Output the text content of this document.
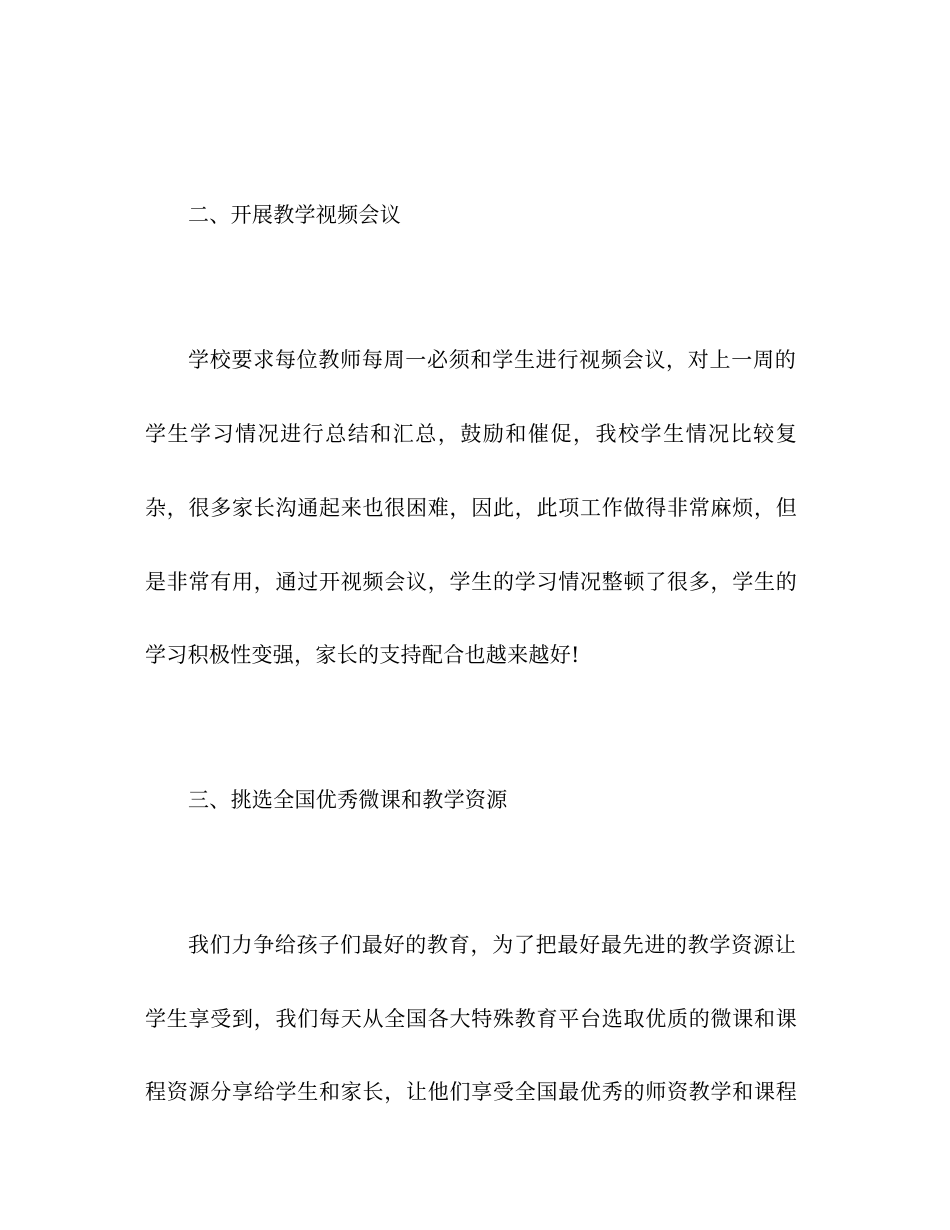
二、开展教学视频会议
学校要求每位教师每周一必须和学生进行视频会议，对上一周的
学生学习情况进行总结和汇总，鼓励和催促，我校学生情况比较复
杂，很多家长沟通起来也很困难，因此，此项工作做得非常麻烦，但
是非常有用，通过开视频会议，学生的学习情况整顿了很多，学生的
学习积极性变强，家长的支持配合也越来越好!
三、挑选全国优秀微课和教学资源
我们力争给孩子们最好的教育，为了把最好最先进的教学资源让
学生享受到，我们每天从全国各大特殊教育平台选取优质的微课和课
程资源分享给学生和家长，让他们享受全国最优秀的师资教学和课程
